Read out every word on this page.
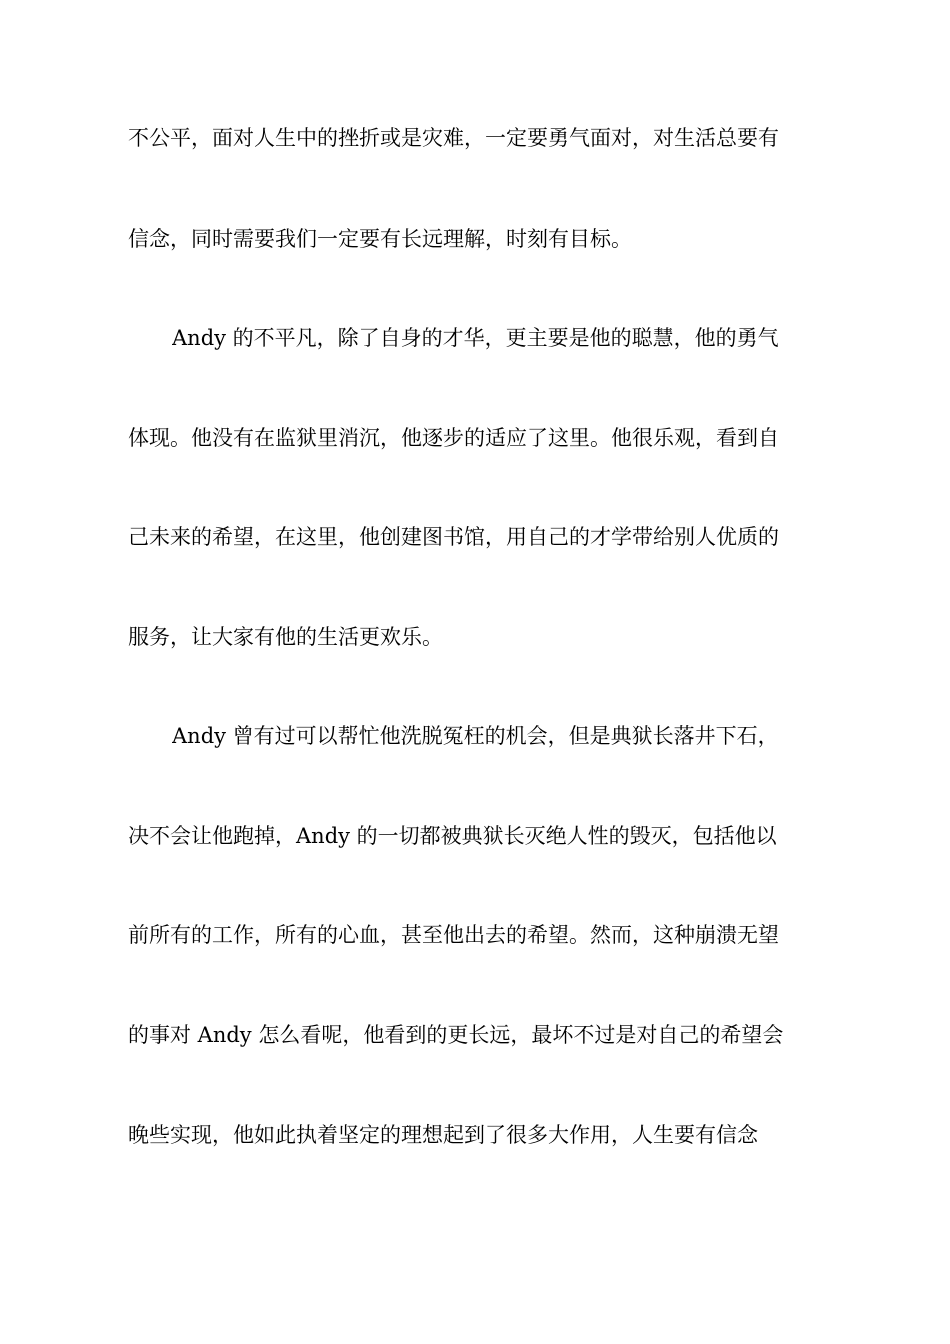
不公平，面对人生中的挫折或是灾难，一定要勇气面对，对生活总要有
信念，同时需要我们一定要有长远理解，时刻有目标。
Andy 的不平凡，除了自身的才华，更主要是他的聪慧，他的勇气
体现。他没有在监狱里消沉，他逐步的适应了这里。他很乐观，看到自
己未来的希望，在这里，他创建图书馆，用自己的才学带给别人优质的
服务，让大家有他的生活更欢乐。
Andy 曾有过可以帮忙他洗脱冤枉的机会，但是典狱长落井下石，
决不会让他跑掉，Andy 的一切都被典狱长灭绝人性的毁灭，包括他以
前所有的工作，所有的心血，甚至他出去的希望。然而，这种崩溃无望
的事对 Andy 怎么看呢，他看到的更长远，最坏不过是对自己的希望会
晚些实现，他如此执着坚定的理想起到了很多大作用，人生要有信念
